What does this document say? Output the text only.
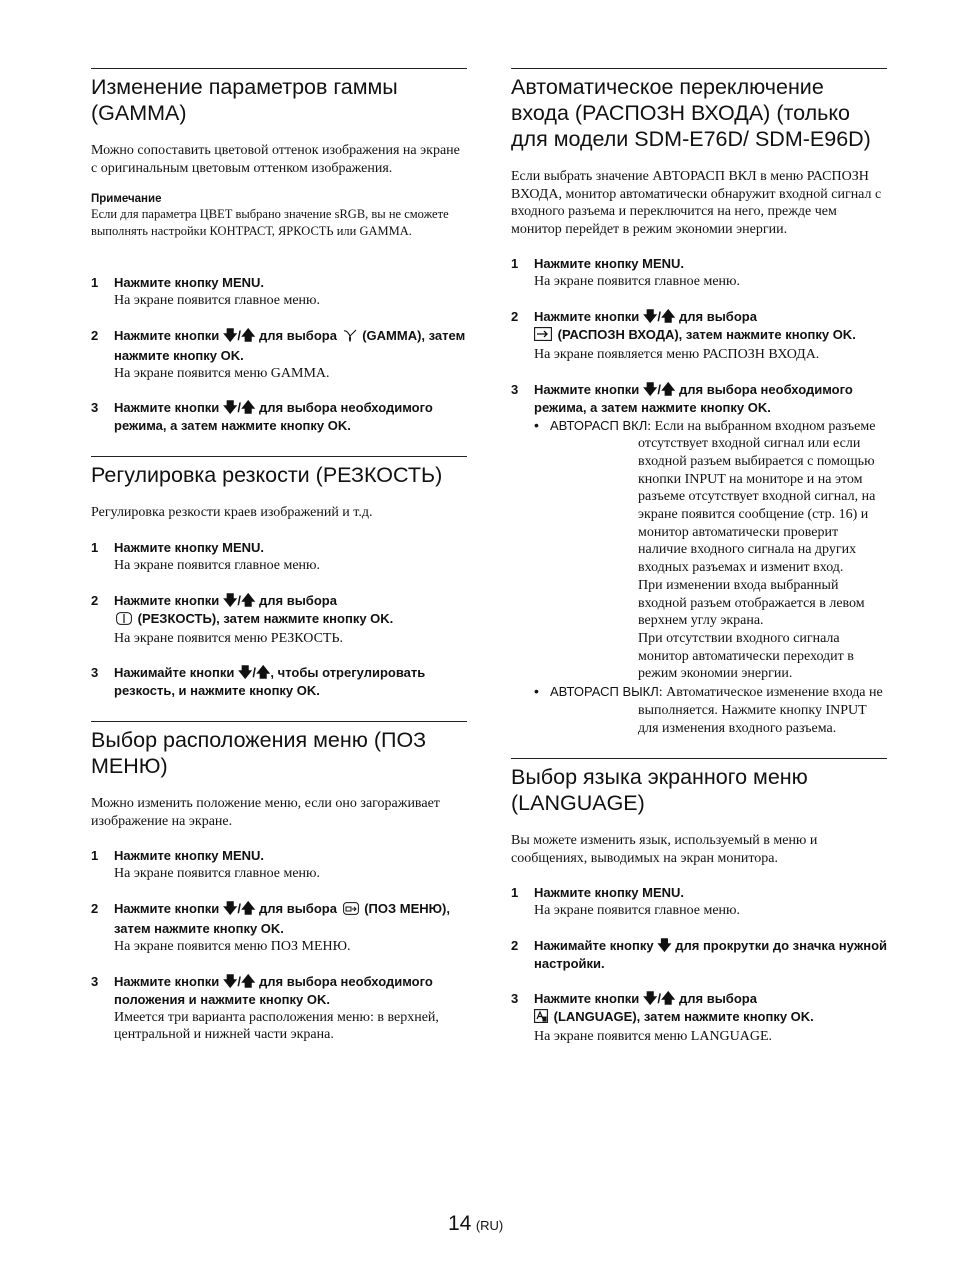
Изменение параметров гаммы (GAMMA)

Можно сопоставить цветовой оттенок изображения на экране с оригинальным цветовым оттенком изображения.

Примечание

Если для параметра ЦВЕТ выбрано значение sRGB, вы не сможете выполнять настройки КОНТРАСТ, ЯРКОСТЬ или GAMMA.

1 Нажмите кнопку MENU.
На экране появится главное меню.
2 Нажмите кнопки 🡇/🡅 для выбора (GAMMA), затем нажмите кнопку OK.
На экране появится меню GAMMA.
3 Нажмите кнопки 🡇/🡅 для выбора необходимого режима, а затем нажмите кнопку OK.
Регулировка резкости (РЕЗКОСТЬ)

Регулировка резкости краев изображений и т.д.

1 Нажмите кнопку MENU.
На экране появится главное меню.
2 Нажмите кнопки 🡇/🡅 для выбора
(РЕЗКОСТЬ), затем нажмите кнопку OK.
На экране появится меню РЕЗКОСТЬ.
3 Нажимайте кнопки 🡇/🡅, чтобы отрегулировать резкость, и нажмите кнопку OK.
Выбор расположения меню (ПОЗ МЕНЮ)

Можно изменить положение меню, если оно загораживает изображение на экране.

1 Нажмите кнопку MENU.
На экране появится главное меню.
2 Нажмите кнопки 🡇/🡅 для выбора (ПОЗ МЕНЮ), затем нажмите кнопку OK.
На экране появится меню ПОЗ МЕНЮ.
3 Нажмите кнопки 🡇/🡅 для выбора необходимого положения и нажмите кнопку OK.
Имеется три варианта расположения меню: в верхней, центральной и нижней части экрана.
Автоматическое переключение входа (РАСПОЗН ВХОДА) (только для модели SDM-E76D/ SDM-E96D)

Если выбрать значение АВТОРАСП ВКЛ в меню РАСПОЗН ВХОДА, монитор автоматически обнаружит входной сигнал с входного разъема и переключится на него, прежде чем монитор перейдет в режим экономии энергии.

1 Нажмите кнопку MENU.
На экране появится главное меню.
2 Нажмите кнопки 🡇/🡅 для выбора
(РАСПОЗН ВХОДА), затем нажмите кнопку OK.
На экране появляется меню РАСПОЗН ВХОДА.
3 Нажмите кнопки 🡇/🡅 для выбора необходимого режима, а затем нажмите кнопку OK.
• АВТОРАСП ВКЛ: Если на выбранном входном разъеме отсутствует входной сигнал или если входной разъем выбирается с помощью кнопки INPUT на мониторе и на этом разъеме отсутствует входной сигнал, на экране появится сообщение (стр. 16) и монитор автоматически проверит наличие входного сигнала на других входных разъемах и изменит вход.
При изменении входа выбранный входной разъем отображается в левом верхнем углу экрана.
При отсутствии входного сигнала монитор автоматически переходит в режим экономии энергии.
• АВТОРАСП ВЫКЛ: Автоматическое изменение входа не выполняется. Нажмите кнопку INPUT для изменения входного разъема.
Выбор языка экранного меню (LANGUAGE)

Вы можете изменить язык, используемый в меню и сообщениях, выводимых на экран монитора.

1 Нажмите кнопку MENU.
На экране появится главное меню.
2 Нажимайте кнопку 🡇 для прокрутки до значка нужной настройки.
3 Нажмите кнопки 🡇/🡅 для выбора
(LANGUAGE), затем нажмите кнопку OK.
На экране появится меню LANGUAGE.
14 (RU)
